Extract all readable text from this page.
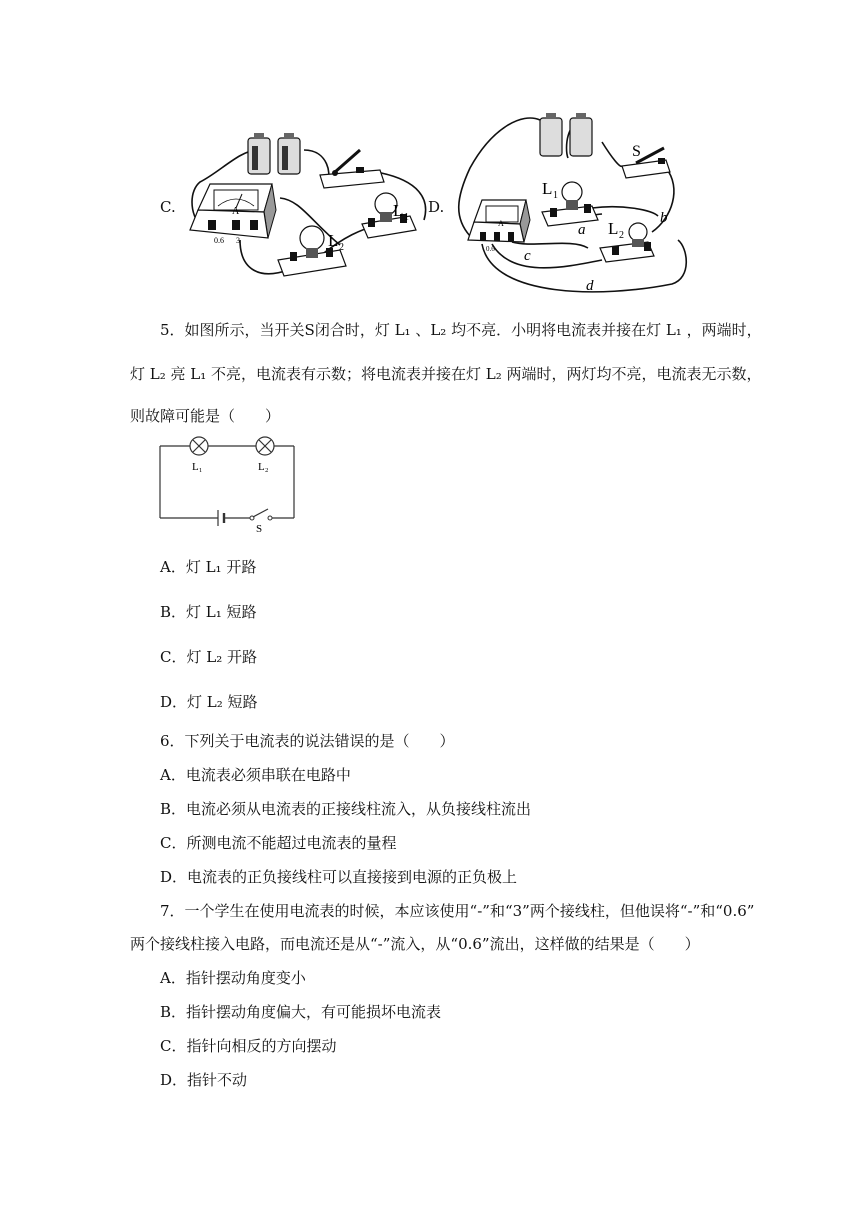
C.	A
0.6 3
L 1
L 2
D.
S
A
0.6
L 1
L 2
a
b
c
d
5．如图所示，当开关S闭合时，灯 L₁ 、L₂ 均不亮．小明将电流表并接在灯 L₁ ，两端时，
灯 L₂ 亮 L₁ 不亮，电流表有示数；将电流表并接在灯 L₂ 两端时，两灯均不亮，电流表无示数，
则故障可能是（　　）
L₁	L₂
S
A．灯 L₁ 开路
B．灯 L₁ 短路
C．灯 L₂ 开路
D．灯 L₂ 短路
6．下列关于电流表的说法错误的是（　　）
A．电流表必须串联在电路中
B．电流必须从电流表的正接线柱流入，从负接线柱流出
C．所测电流不能超过电流表的量程
D．电流表的正负接线柱可以直接接到电源的正负极上
7．一个学生在使用电流表的时候，本应该使用“-”和“3”两个接线柱，但他误将“-”和“0.6”
两个接线柱接入电路，而电流还是从“-”流入，从“0.6”流出，这样做的结果是（　　）
A．指针摆动角度变小
B．指针摆动角度偏大，有可能损坏电流表
C．指针向相反的方向摆动
D．指针不动
